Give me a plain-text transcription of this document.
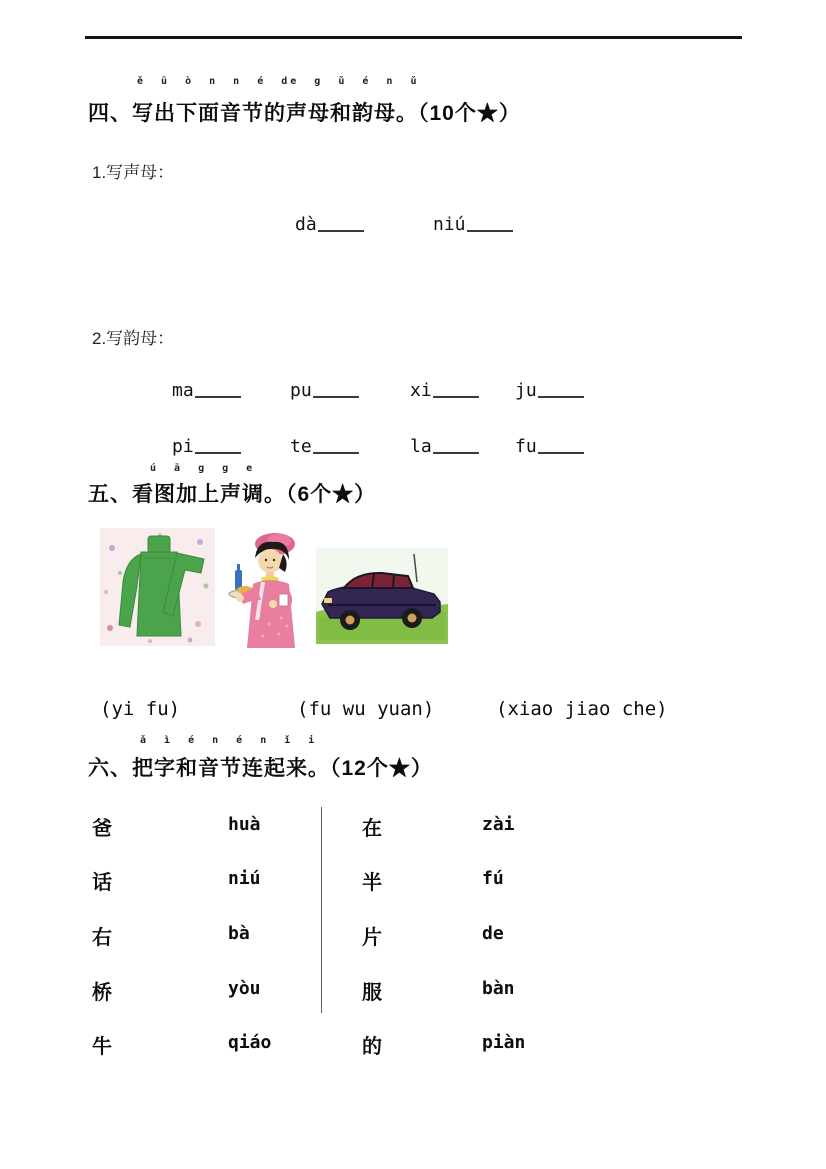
ě ū ò n n é de g ǔ é n ǔ
四、写出下面音节的声母和韵母。（10个★）
1.写声母：
dà	niú
2.写韵母：
ma	pu	xi	ju
pi	te	la	fu
ú ā g g e
五、看图加上声调。（6个★）
(yi fu)	(fu wu yuan)	(xiao jiao che)
ǎ ì é n é n ǐ i
六、把字和音节连起来。（12个★）
爸	huà	在	zài
话	niú	半	fú
右	bà	片	de
桥	yòu	服	bàn
牛	qiáo	的	piàn
